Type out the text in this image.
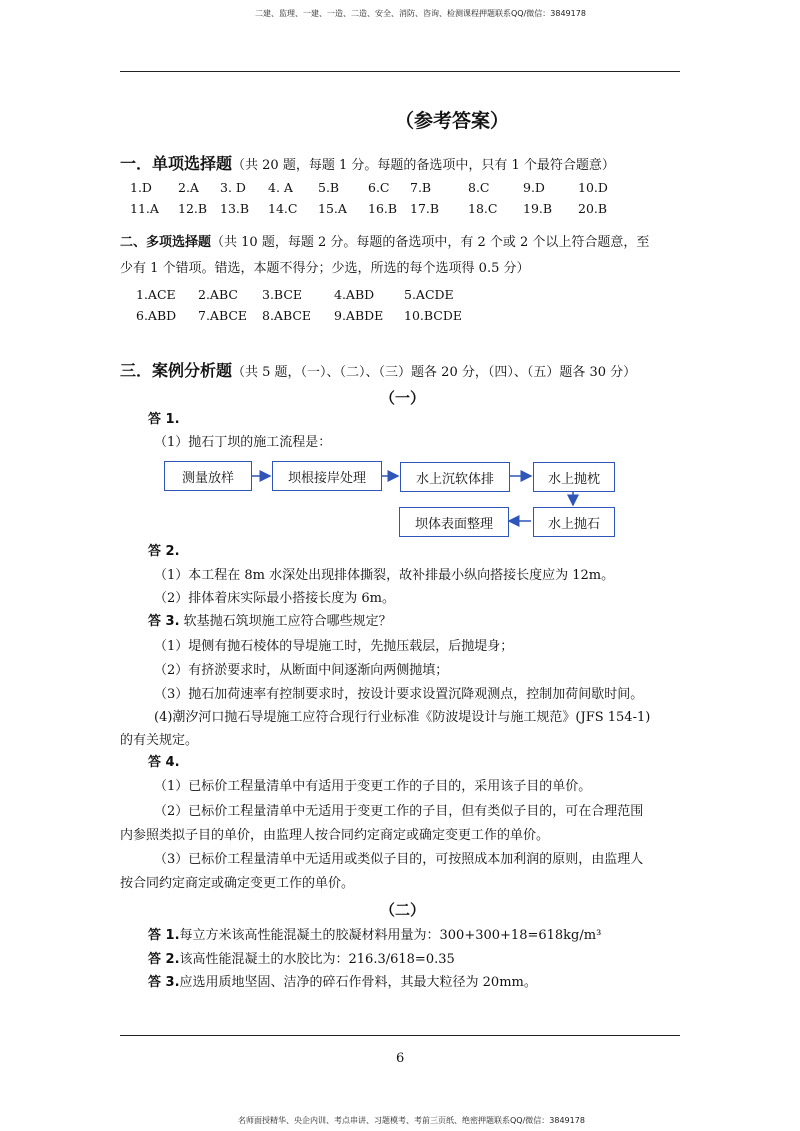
二建、监理、一建、一造、二造、安全、消防、咨询、检测课程押题联系QQ/微信：3849178
（参考答案）
一．单项选择题（共 20 题，每题 1 分。每题的备选项中，只有 1 个最符合题意）
1.D 2.A 3. D 4. A 5.B 6.C 7.B	8.C	9.D	10.D
11.A 12.B 13.B 14.C 15.A 16.B 17.B 18.C 19.B 20.B
二、多项选择题（共 10 题，每题 2 分。每题的备选项中，有 2 个或 2 个以上符合题意，至
少有 1 个错项。错选，本题不得分；少选，所选的每个选项得 0.5 分）
1.ACE 2.ABC 3.BCE	4.ABD 5.ACDE
6.ABD 7.ABCE 8.ABCE 9.ABDE 10.BCDE
三．案例分析题（共 5 题，（一）、（二）、（三）题各 20 分，（四）、（五）题各 30 分）
（一）
答 1.
（1）抛石丁坝的施工流程是：
测量放样	坝根接岸处理	水上沉软体排	水上抛枕
水上抛石
坝体表面整理
答 2.
（1）本工程在 8m 水深处出现排体撕裂，故补排最小纵向搭接长度应为 12m。
（2）排体着床实际最小搭接长度为 6m。
答 3. 软基抛石筑坝施工应符合哪些规定？
（1）堤侧有抛石棱体的导堤施工时，先抛压载层，后抛堤身；
（2）有挤淤要求时，从断面中间逐渐向两侧抛填；
（3）抛石加荷速率有控制要求时，按设计要求设置沉降观测点，控制加荷间歇时间。
(4)潮汐河口抛石导堤施工应符合现行行业标准《防波堤设计与施工规范》(JFS 154-1)
的有关规定。
答 4.
（1）已标价工程量清单中有适用于变更工作的子目的，采用该子目的单价。
（2）已标价工程量清单中无适用于变更工作的子目，但有类似子目的，可在合理范围
内参照类拟子目的单价，由监理人按合同约定商定或确定变更工作的单价。
（3）已标价工程量清单中无适用或类似子目的，可按照成本加利润的原则，由监理人
按合同约定商定或确定变更工作的单价。
（二）
答 1.每立方米该高性能混凝土的胶凝材料用量为：300+300+18=618kg/m³
答 2.该高性能混凝土的水胶比为：216.3/618=0.35
答 3.应选用质地坚固、洁净的碎石作骨料，其最大粒径为 20mm。
6
名师面授精华、央企内训、考点串讲、习题模考、考前三页纸、绝密押题联系QQ/微信：3849178
